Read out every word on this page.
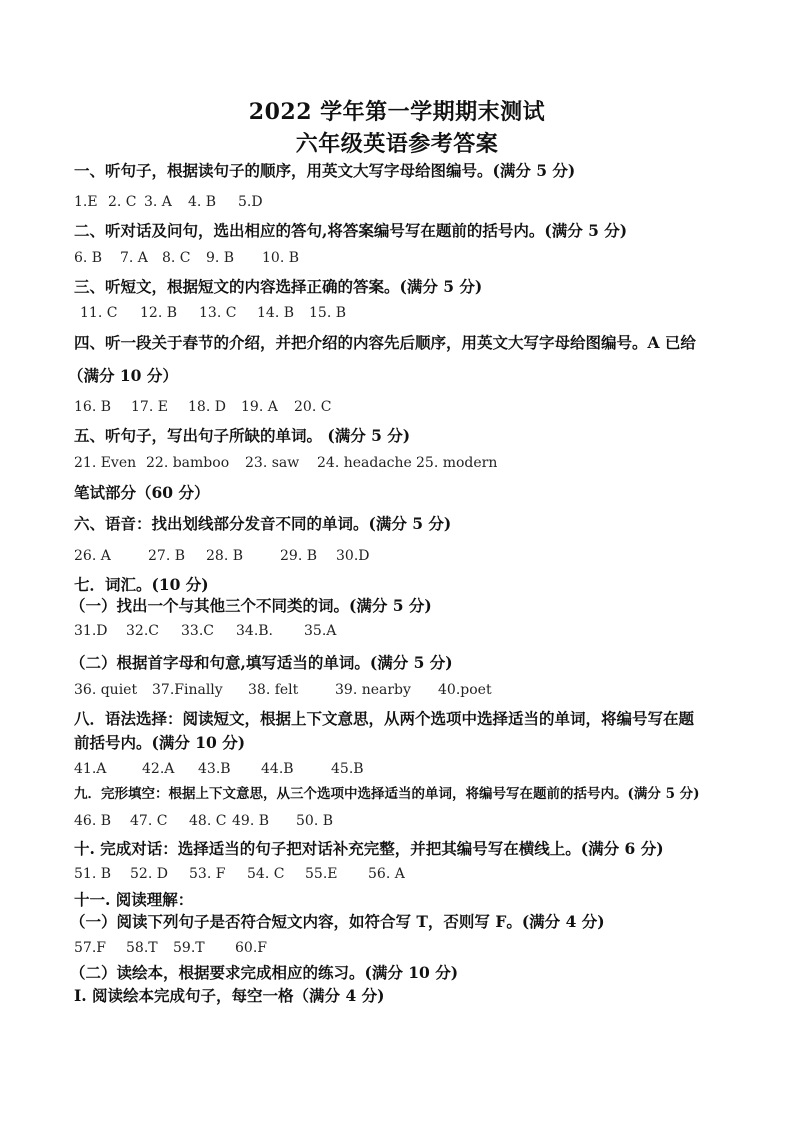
2022 学年第一学期期末测试
六年级英语参考答案
一、听句子，根据读句子的顺序，用英文大写字母给图编号。(满分 5 分)
1.E 2. C 3. A 4. B 5.D
二、听对话及问句，选出相应的答句,将答案编号写在题前的括号内。(满分 5 分)
6. B 7. A 8. C 9. B 10. B
三、听短文，根据短文的内容选择正确的答案。(满分 5 分)
11. C 12. B 13. C 14. B 15. B
四、听一段关于春节的介绍，并把介绍的内容先后顺序，用英文大写字母给图编号。A 已给
（满分 10 分）
16. B 17. E 18. D 19. A 20. C
五、听句子，写出句子所缺的单词。 (满分 5 分)
21. Even 22. bamboo 23. saw 24. headache 25. modern
笔试部分（60 分）
六、语音：找出划线部分发音不同的单词。(满分 5 分)
26. A	27. B 28. B	29. B 30.D
七．词汇。(10 分)
（一）找出一个与其他三个不同类的词。(满分 5 分)
31.D 32.C 33.C 34.B. 35.A
（二）根据首字母和句意,填写适当的单词。(满分 5 分)
36. quiet 37.Finally 38. felt	39. nearby 40.poet
八．语法选择：阅读短文，根据上下文意思，从两个选项中选择适当的单词，将编号写在题
前括号内。(满分 10 分)
41.A	42.A 43.B 44.B	45.B
九．完形填空：根据上下文意思，从三个选项中选择适当的单词，将编号写在题前的括号内。(满分 5 分)
46. B 47. C 48. C 49. B 50. B
十. 完成对话：选择适当的句子把对话补充完整，并把其编号写在横线上。(满分 6 分)
51. B 52. D 53. F 54. C 55.E 56. A
十一. 阅读理解：
（一）阅读下列句子是否符合短文内容，如符合写 T，否则写 F。(满分 4 分)
57.F 58.T 59.T 60.F
（二）读绘本，根据要求完成相应的练习。(满分 10 分)
I. 阅读绘本完成句子，每空一格（满分 4 分)
